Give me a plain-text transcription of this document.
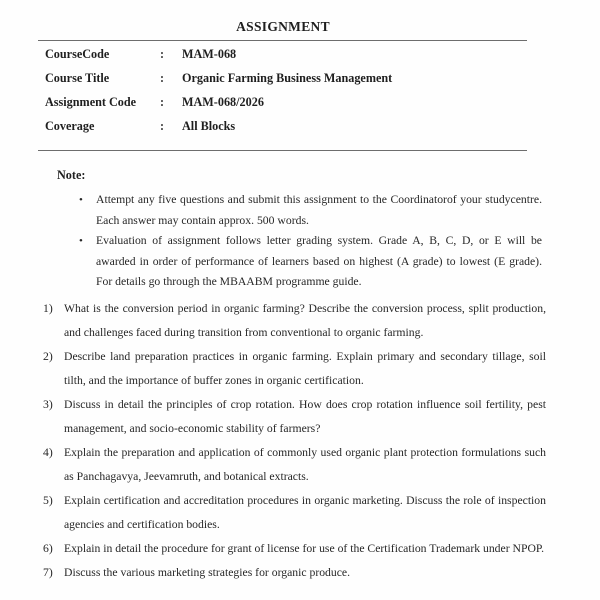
ASSIGNMENT
CourseCode	:	MAM-068
Course Title	:	Organic Farming Business Management
Assignment Code	:	MAM-068/2026
Coverage	:	All Blocks
Note:
• Attempt any five questions and submit this assignment to the Coordinatorof your studycentre. Each answer may contain approx. 500 words.
• Evaluation of assignment follows letter grading system. Grade A, B, C, D, or E will be awarded in order of performance of learners based on highest (A grade) to lowest (E grade). For details go through the MBAABM programme guide.
1) What is the conversion period in organic farming? Describe the conversion process, split production, and challenges faced during transition from conventional to organic farming.
2) Describe land preparation practices in organic farming. Explain primary and secondary tillage, soil tilth, and the importance of buffer zones in organic certification.
3) Discuss in detail the principles of crop rotation. How does crop rotation influence soil fertility, pest management, and socio-economic stability of farmers?
4) Explain the preparation and application of commonly used organic plant protection formulations such as Panchagavya, Jeevamruth, and botanical extracts.
5) Explain certification and accreditation procedures in organic marketing. Discuss the role of inspection agencies and certification bodies.
6) Explain in detail the procedure for grant of license for use of the Certification Trademark under NPOP.
7) Discuss the various marketing strategies for organic produce.
